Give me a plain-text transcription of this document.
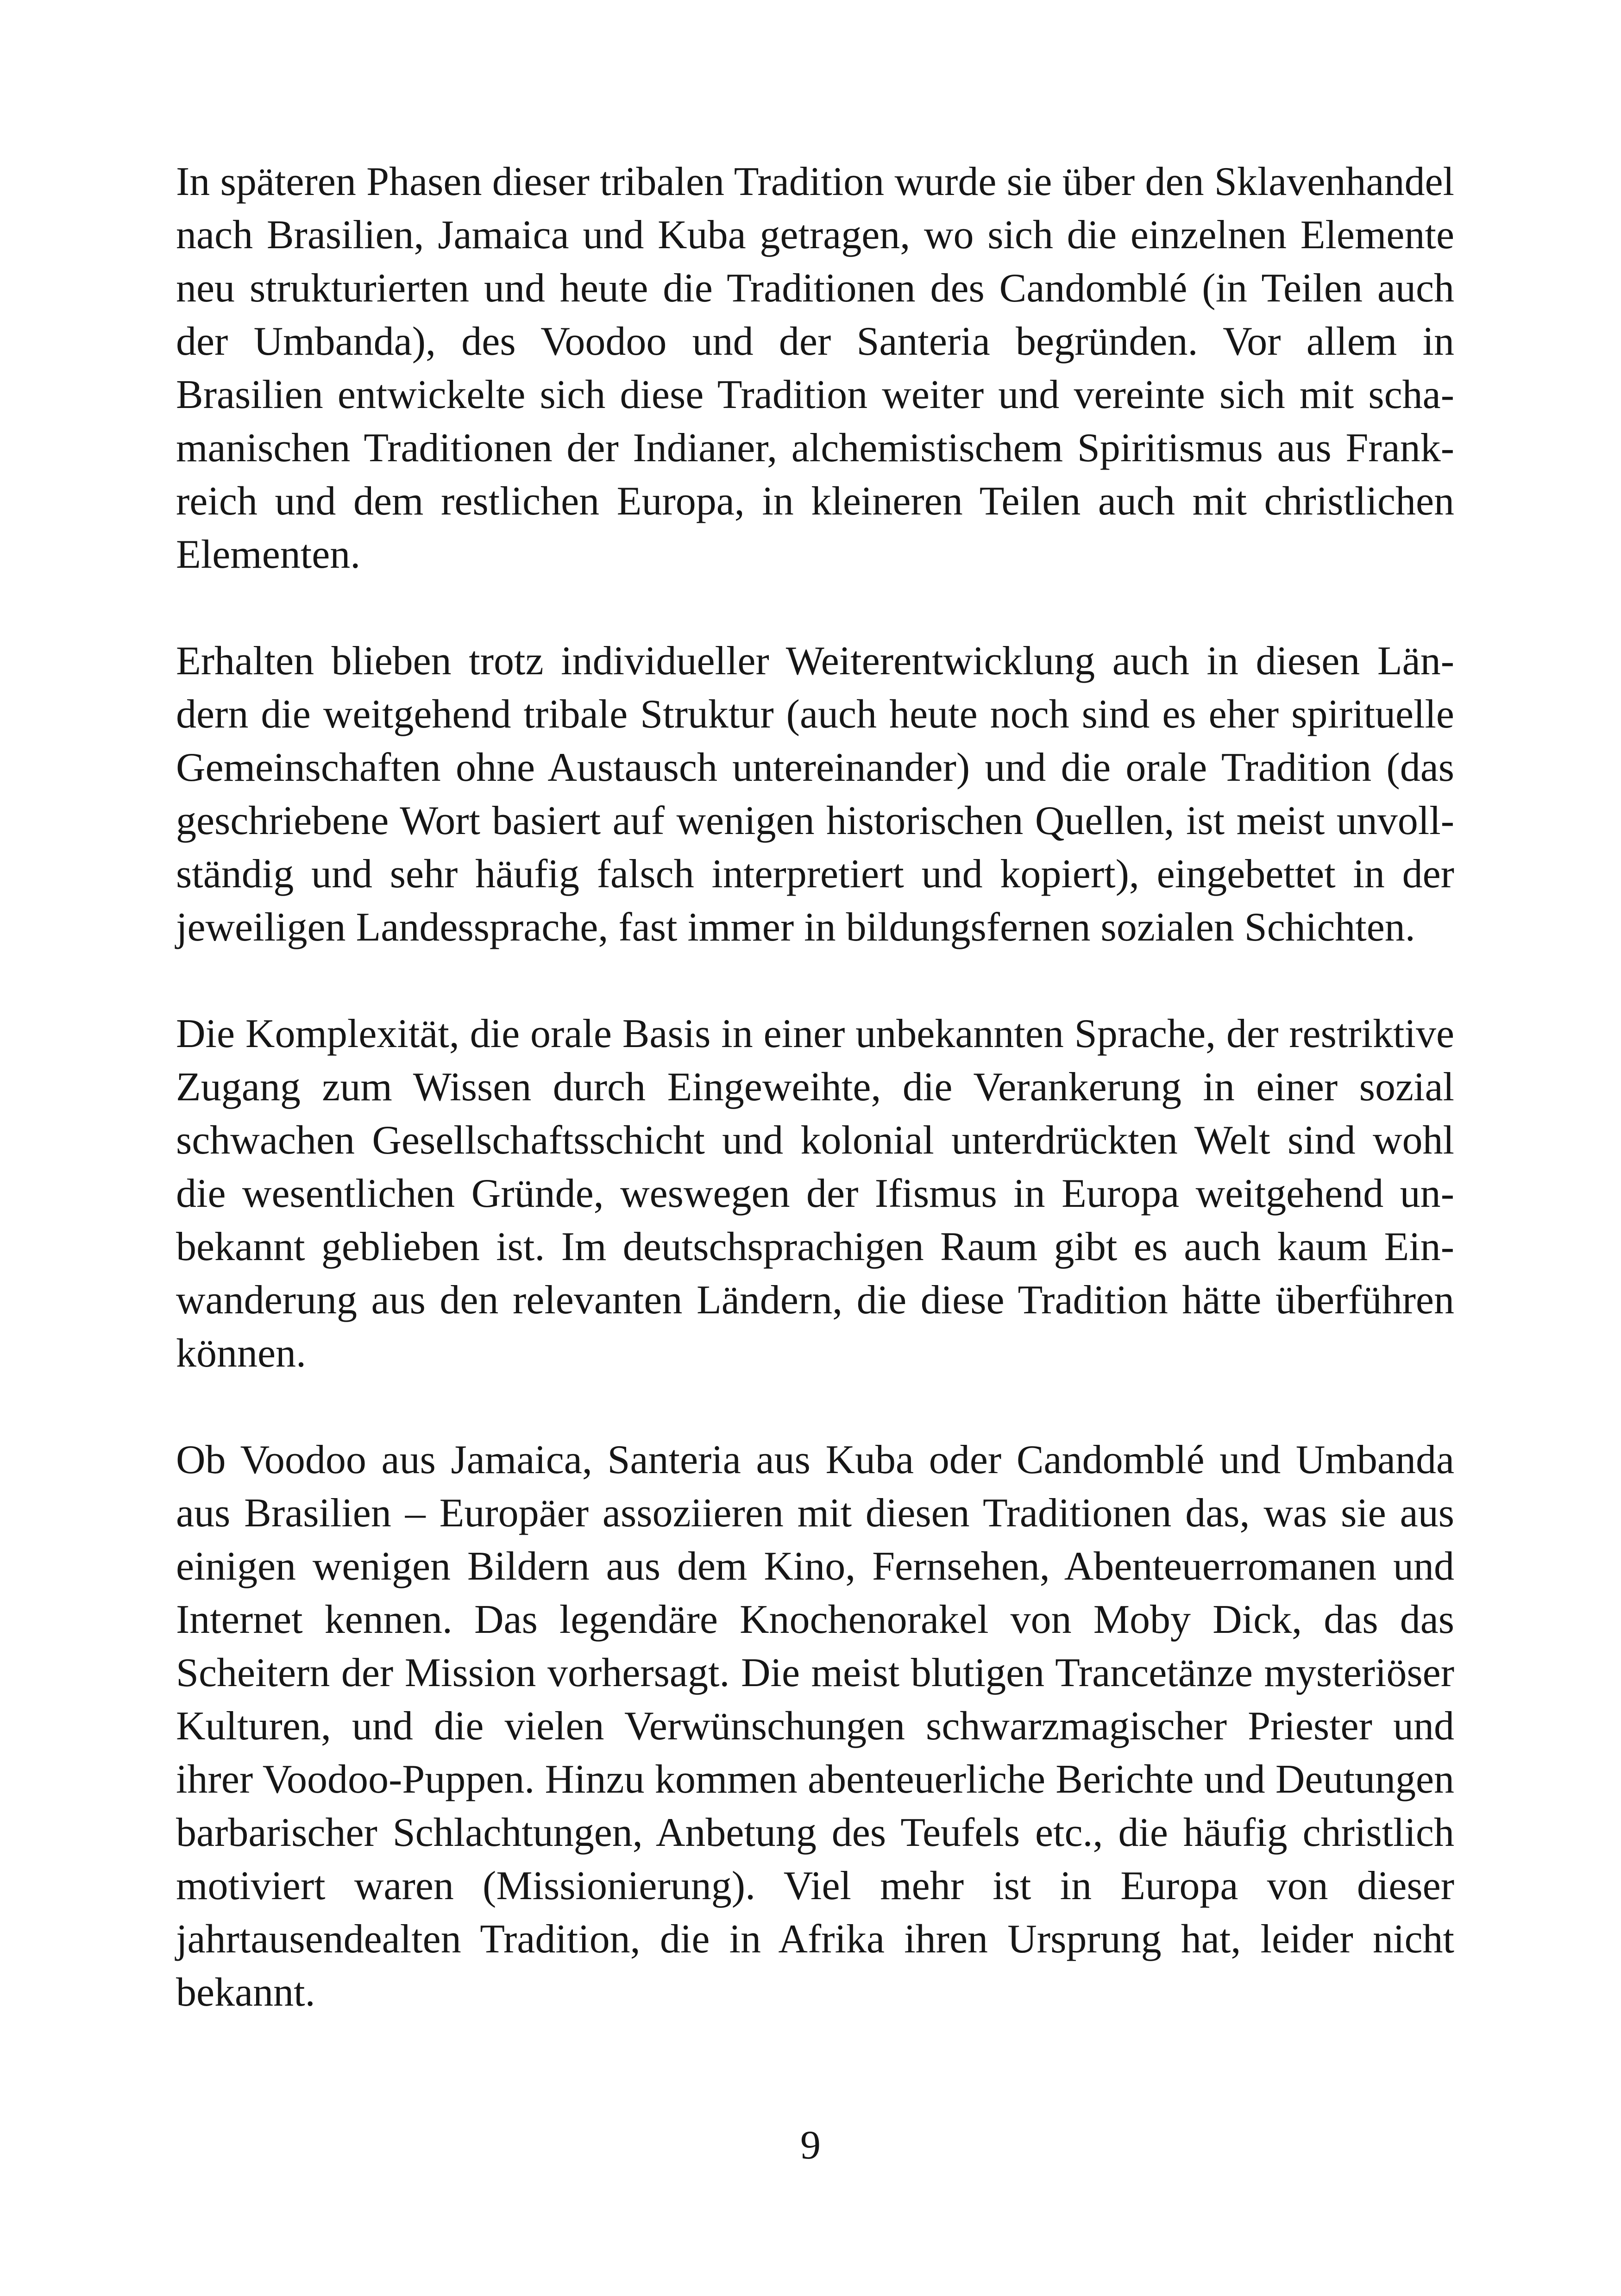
In späteren Phasen dieser tribalen Tradition wurde sie über den Sklavenhandel nach Brasilien, Jamaica und Kuba getragen, wo sich die einzelnen Elemente neu strukturierten und heute die Traditionen des Candomblé (in Teilen auch der Umbanda), des Voodoo und der Santeria begründen. Vor allem in Brasilien entwickelte sich diese Tradition weiter und vereinte sich mit schamanischen Traditionen der Indianer, alchemistischem Spiritismus aus Frankreich und dem restlichen Europa, in kleineren Teilen auch mit christlichen Elementen.

Erhalten blieben trotz individueller Weiterentwicklung auch in diesen Ländern die weitgehend tribale Struktur (auch heute noch sind es eher spirituelle Gemeinschaften ohne Austausch untereinander) und die orale Tradition (das geschriebene Wort basiert auf wenigen historischen Quellen, ist meist unvollständig und sehr häufig falsch interpretiert und kopiert), eingebettet in der jeweiligen Landessprache, fast immer in bildungsfernen sozialen Schichten.

Die Komplexität, die orale Basis in einer unbekannten Sprache, der restriktive Zugang zum Wissen durch Eingeweihte, die Verankerung in einer sozial schwachen Gesellschaftsschicht und kolonial unterdrückten Welt sind wohl die wesentlichen Gründe, weswegen der Ifismus in Europa weitgehend unbekannt geblieben ist. Im deutschsprachigen Raum gibt es auch kaum Einwanderung aus den relevanten Ländern, die diese Tradition hätte überführen können.

Ob Voodoo aus Jamaica, Santeria aus Kuba oder Candomblé und Umbanda aus Brasilien – Europäer assoziieren mit diesen Traditionen das, was sie aus einigen wenigen Bildern aus dem Kino, Fernsehen, Abenteuerromanen und Internet kennen. Das legendäre Knochenorakel von Moby Dick, das das Scheitern der Mission vorhersagt. Die meist blutigen Trancetänze mysteriöser Kulturen, und die vielen Verwünschungen schwarzmagischer Priester und ihrer Voodoo-Puppen. Hinzu kommen abenteuerliche Berichte und Deutungen barbarischer Schlachtungen, Anbetung des Teufels etc., die häufig christlich motiviert waren (Missionierung). Viel mehr ist in Europa von dieser jahrtausendealten Tradition, die in Afrika ihren Ursprung hat, leider nicht bekannt.

9
